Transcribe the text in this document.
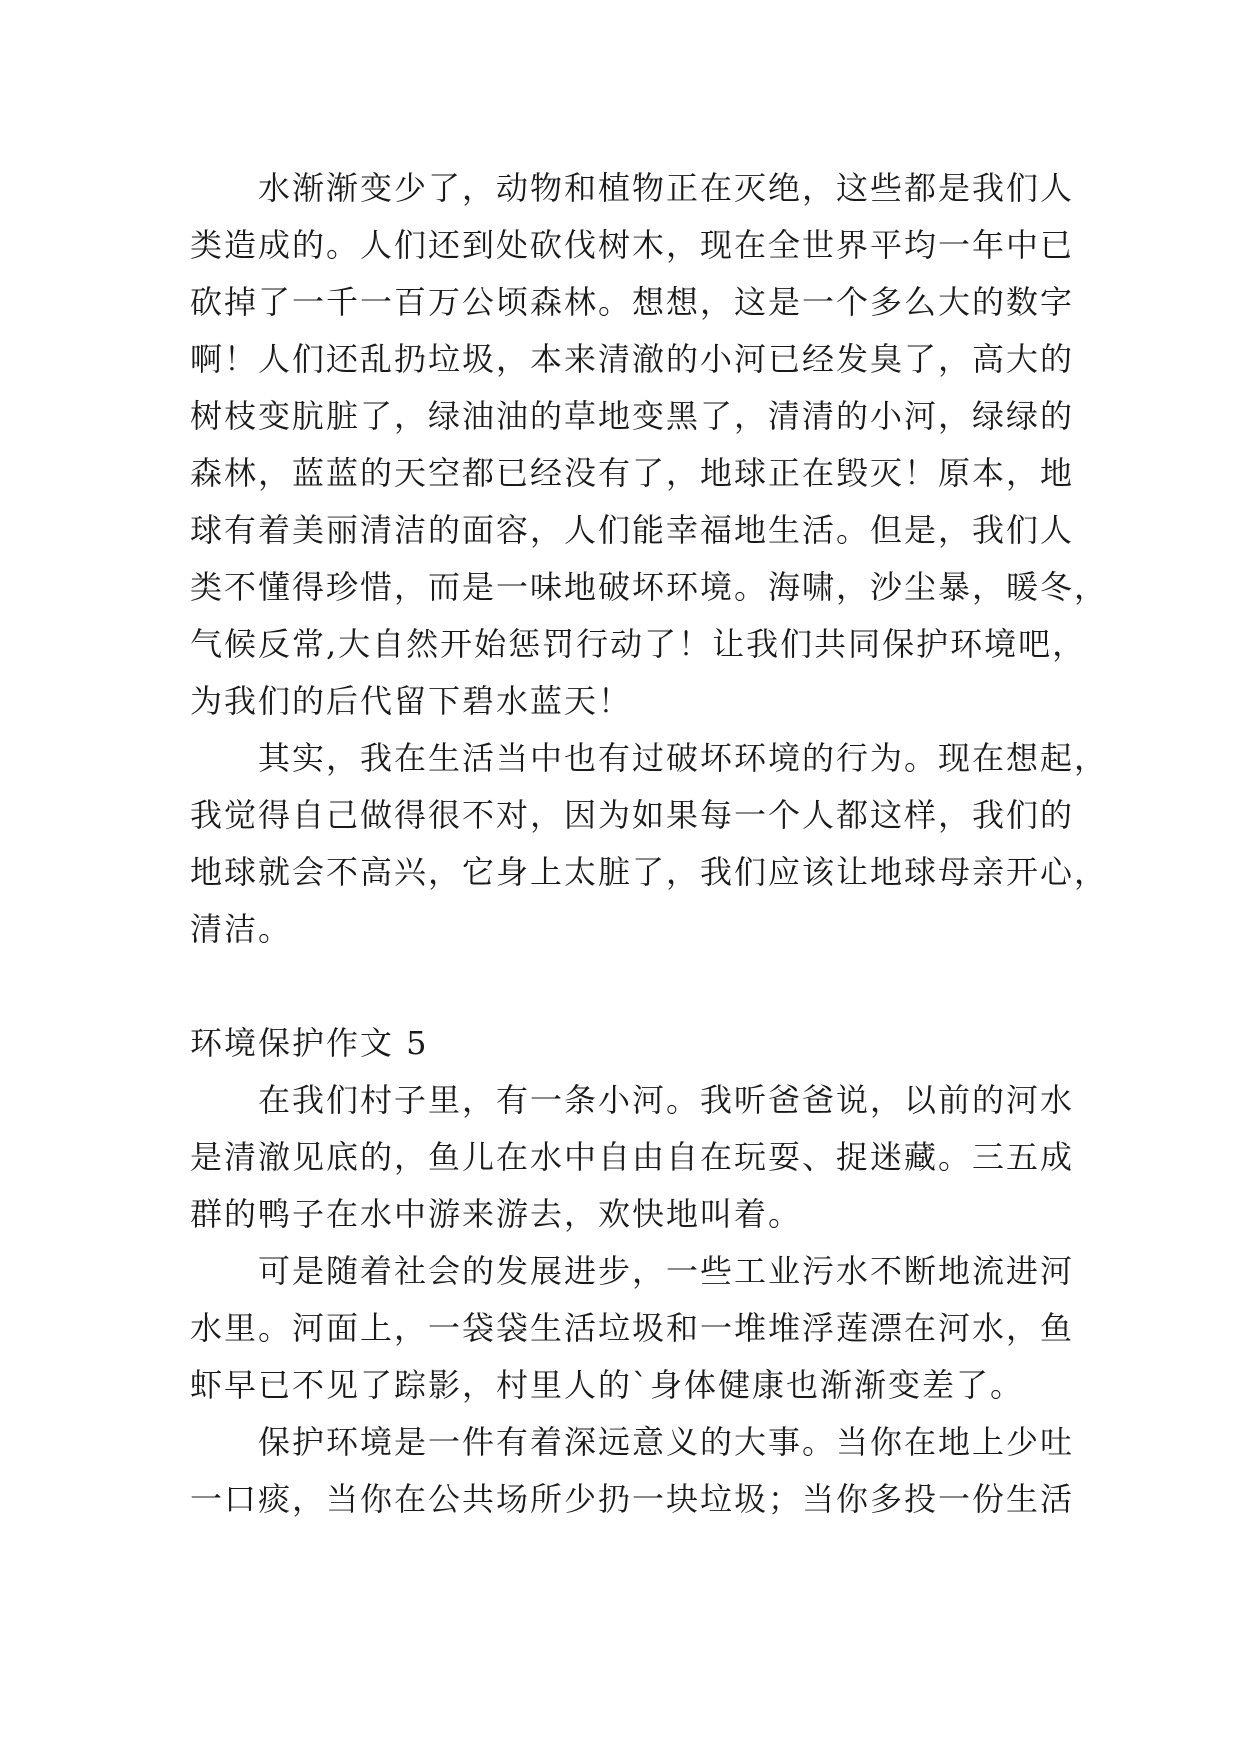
水渐渐变少了，动物和植物正在灭绝，这些都是我们人
类造成的。人们还到处砍伐树木，现在全世界平均一年中已
砍掉了一千一百万公顷森林。想想，这是一个多么大的数字
啊！人们还乱扔垃圾，本来清澈的小河已经发臭了，高大的
树枝变肮脏了，绿油油的草地变黑了，清清的小河，绿绿的
森林，蓝蓝的天空都已经没有了，地球正在毁灭！原本，地
球有着美丽清洁的面容，人们能幸福地生活。但是，我们人
类不懂得珍惜，而是一味地破坏环境。海啸，沙尘暴，暖冬，
气候反常,大自然开始惩罚行动了！让我们共同保护环境吧，
为我们的后代留下碧水蓝天！
其实，我在生活当中也有过破坏环境的行为。现在想起，
我觉得自己做得很不对，因为如果每一个人都这样，我们的
地球就会不高兴，它身上太脏了，我们应该让地球母亲开心，
清洁。
环境保护作文 5
在我们村子里，有一条小河。我听爸爸说，以前的河水
是清澈见底的，鱼儿在水中自由自在玩耍、捉迷藏。三五成
群的鸭子在水中游来游去，欢快地叫着。
可是随着社会的发展进步，一些工业污水不断地流进河
水里。河面上，一袋袋生活垃圾和一堆堆浮莲漂在河水，鱼
虾早已不见了踪影，村里人的`身体健康也渐渐变差了。
保护环境是一件有着深远意义的大事。当你在地上少吐
一口痰，当你在公共场所少扔一块垃圾；当你多投一份生活
